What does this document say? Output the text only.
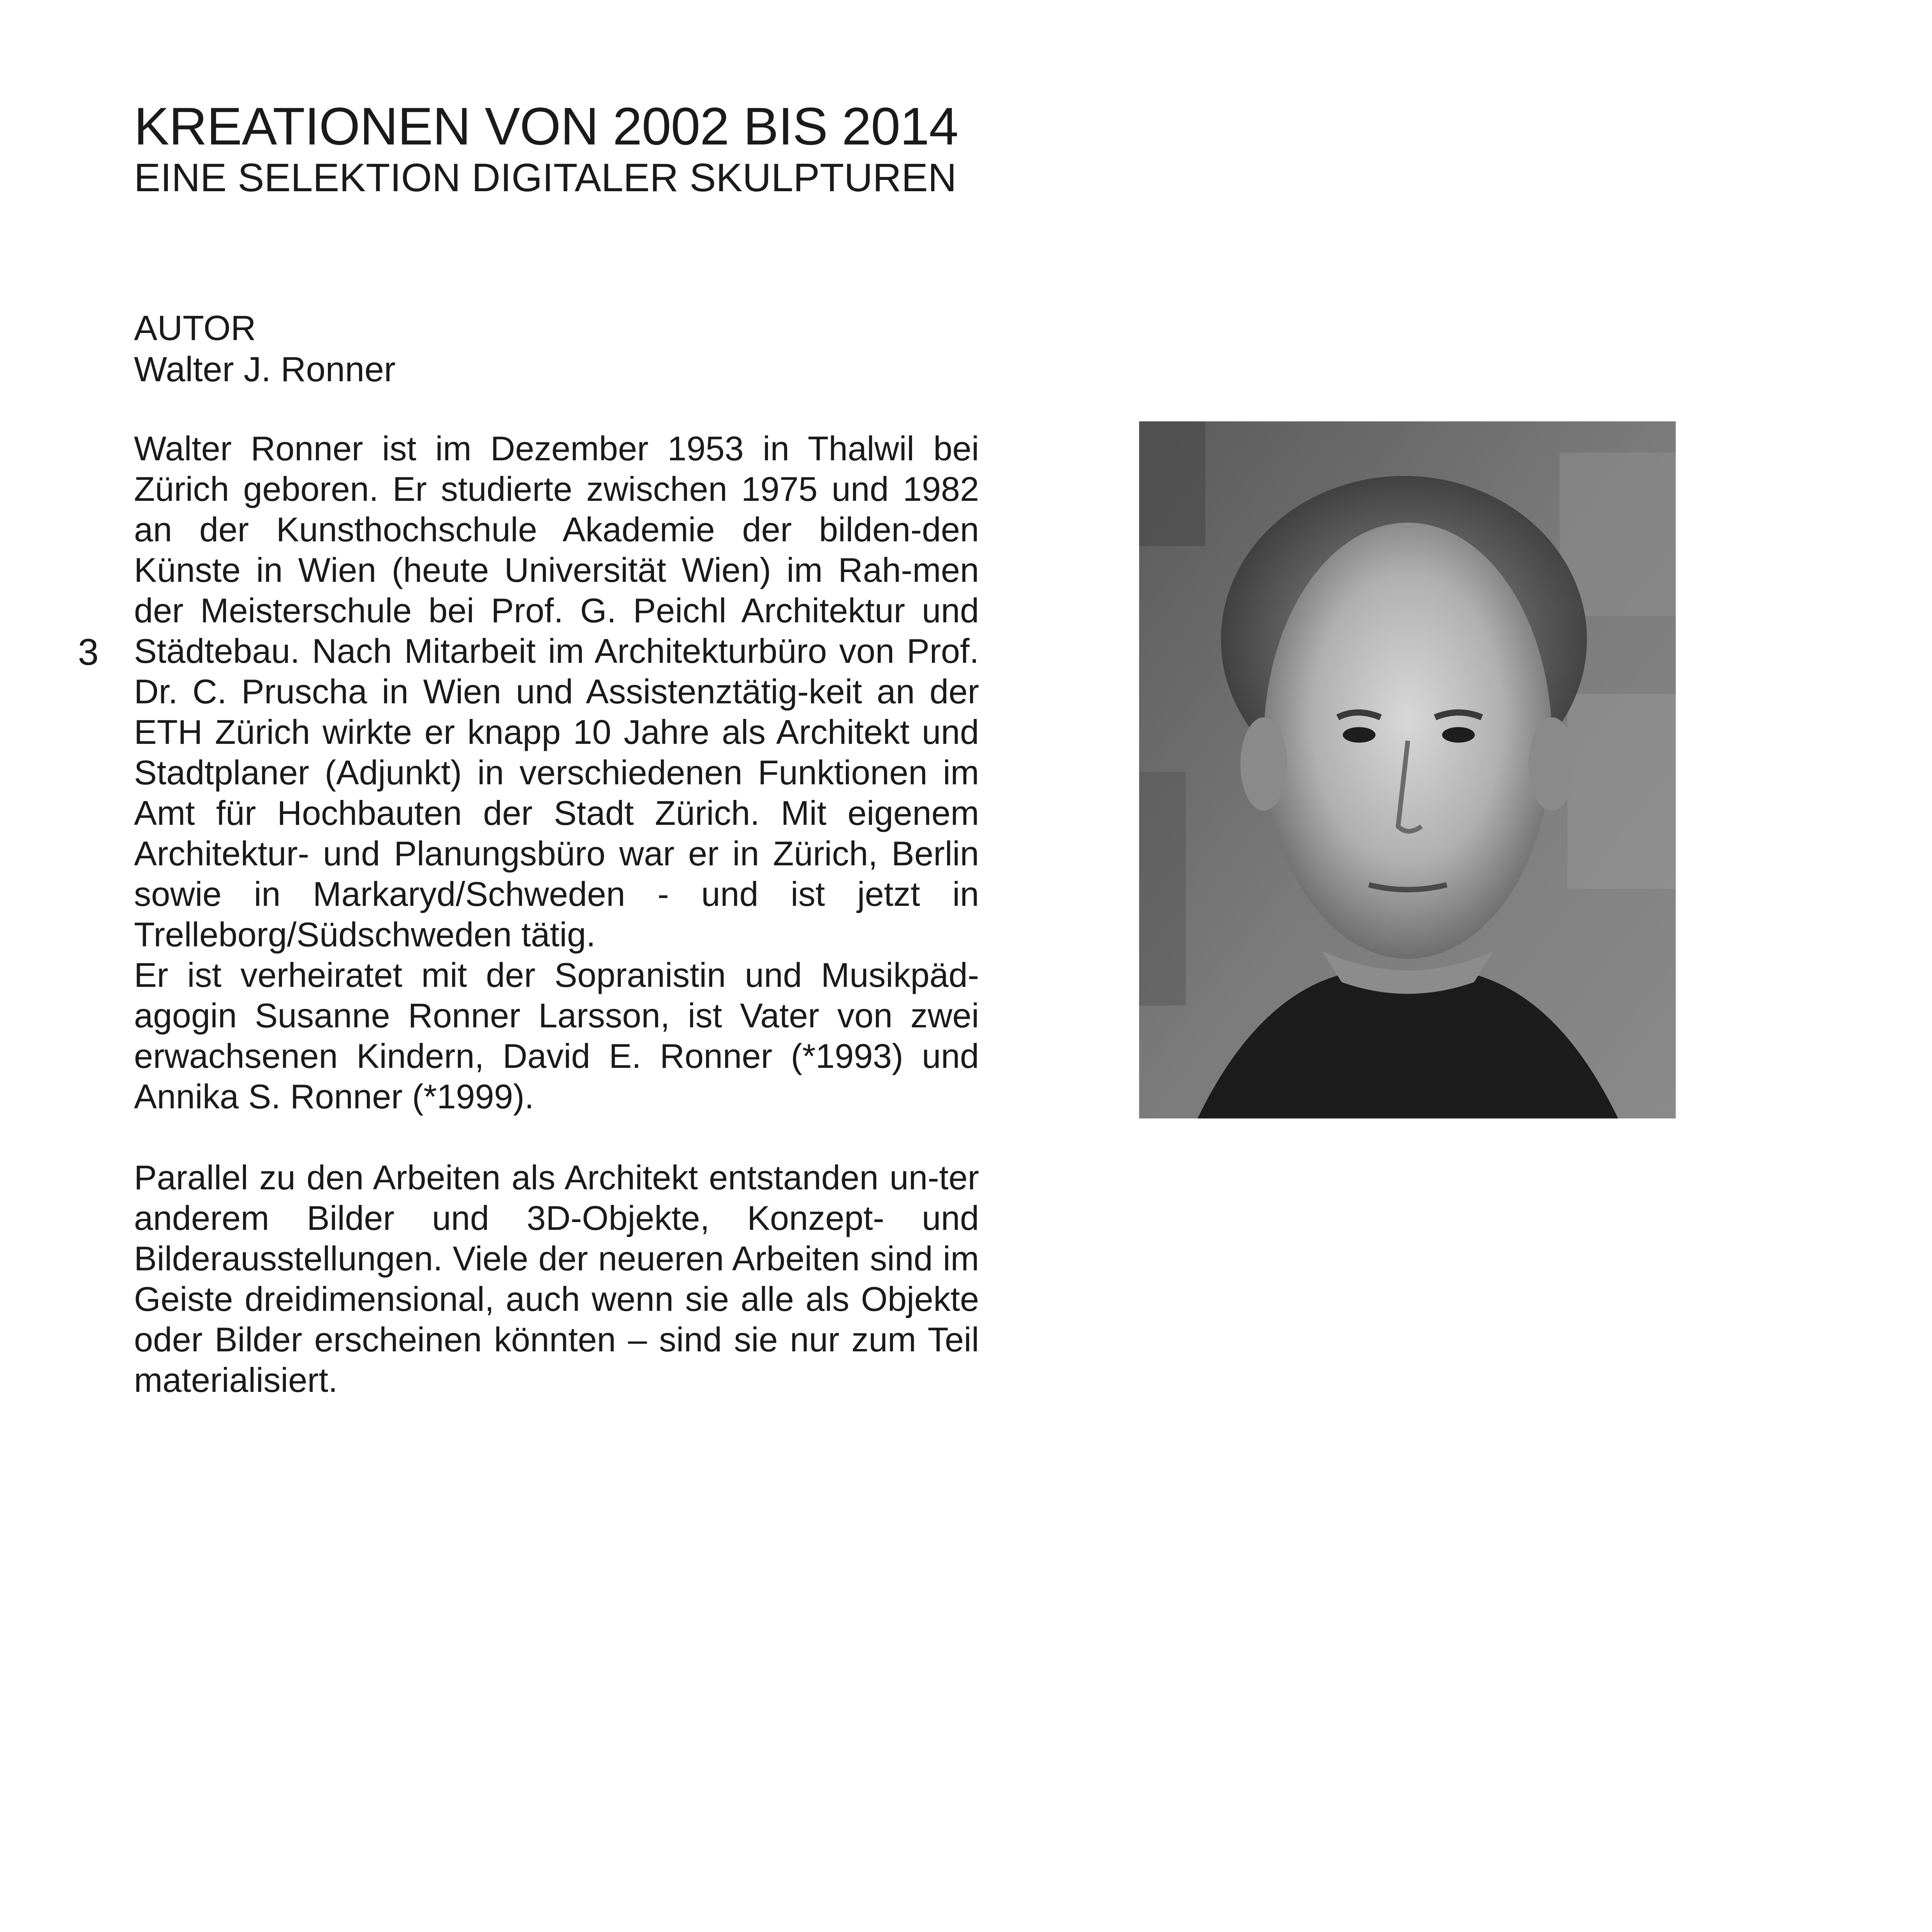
KREATIONEN VON 2002 BIS 2014
EINE SELEKTION DIGITALER SKULPTUREN
AUTOR
Walter J. Ronner
3

Walter Ronner ist im Dezember 1953 in Thalwil bei Zürich geboren. Er studierte zwischen 1975 und 1982 an der Kunsthochschule Akademie der bilden-den Künste in Wien (heute Universität Wien) im Rah-men der Meisterschule bei Prof. G. Peichl Architektur und Städtebau. Nach Mitarbeit im Architekturbüro von Prof. Dr. C. Pruscha in Wien und Assistenztätig-keit an der ETH Zürich wirkte er knapp 10 Jahre als Architekt und Stadtplaner (Adjunkt) in verschiedenen Funktionen im Amt für Hochbauten der Stadt Zürich. Mit eigenem Architektur- und Planungsbüro war er in Zürich, Berlin sowie in Markaryd/Schweden - und ist jetzt in Trelleborg/Südschweden tätig.

Er ist verheiratet mit der Sopranistin und Musikpäd-agogin Susanne Ronner Larsson, ist Vater von zwei erwachsenen Kindern, David E. Ronner (*1993) und Annika S. Ronner (*1999).

Parallel zu den Arbeiten als Architekt entstanden un-ter anderem Bilder und 3D-Objekte, Konzept- und Bilderausstellungen. Viele der neueren Arbeiten sind im Geiste dreidimensional, auch wenn sie alle als Objekte oder Bilder erscheinen könnten – sind sie nur zum Teil materialisiert.
